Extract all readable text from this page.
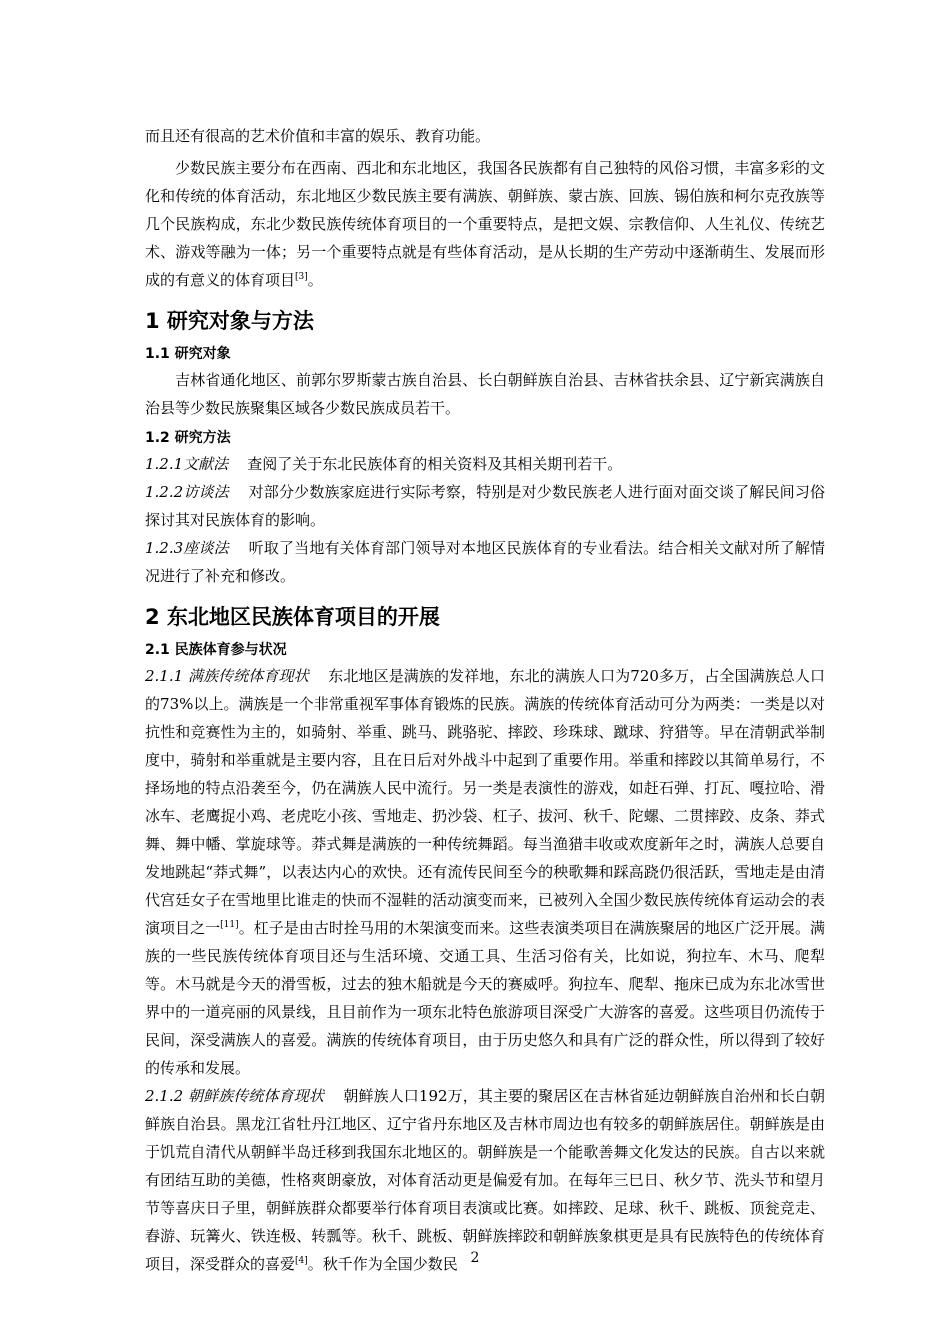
而且还有很高的艺术价值和丰富的娱乐、教育功能。

少数民族主要分布在西南、西北和东北地区，我国各民族都有自己独特的风俗习惯，丰富多彩的文化和传统的体育活动，东北地区少数民族主要有满族、朝鲜族、蒙古族、回族、锡伯族和柯尔克孜族等几个民族构成，东北少数民族传统体育项目的一个重要特点，是把文娱、宗教信仰、人生礼仪、传统艺术、游戏等融为一体；另一个重要特点就是有些体育活动，是从长期的生产劳动中逐渐萌生、发展而形成的有意义的体育项目[3]。

1 研究对象与方法
1.1 研究对象

吉林省通化地区、前郭尔罗斯蒙古族自治县、长白朝鲜族自治县、吉林省扶余县、辽宁新宾满族自治县等少数民族聚集区域各少数民族成员若干。

1.2 研究方法

1.2.1文献法 查阅了关于东北民族体育的相关资料及其相关期刊若干。

1.2.2访谈法 对部分少数族家庭进行实际考察，特别是对少数民族老人进行面对面交谈了解民间习俗探讨其对民族体育的影响。

1.2.3座谈法 听取了当地有关体育部门领导对本地区民族体育的专业看法。结合相关文献对所了解情况进行了补充和修改。

2 东北地区民族体育项目的开展
2.1 民族体育参与状况

2.1.1 满族传统体育现状 东北地区是满族的发祥地，东北的满族人口为720多万，占全国满族总人口的73%以上。满族是一个非常重视军事体育锻炼的民族。满族的传统体育活动可分为两类：一类是以对抗性和竞赛性为主的，如骑射、举重、跳马、跳骆驼、摔跤、珍珠球、蹴球、狩猎等。早在清朝武举制度中，骑射和举重就是主要内容，且在日后对外战斗中起到了重要作用。举重和摔跤以其简单易行，不择场地的特点沿袭至今，仍在满族人民中流行。另一类是表演性的游戏，如赶石弹、打瓦、嘎拉哈、滑冰车、老鹰捉小鸡、老虎吃小孩、雪地走、扔沙袋、杠子、拔河、秋千、陀螺、二贯摔跤、皮条、莽式舞、舞中幡、掌旋球等。莽式舞是满族的一种传统舞蹈。每当渔猎丰收或欢度新年之时，满族人总要自发地跳起“莽式舞”，以表达内心的欢快。还有流传民间至今的秧歌舞和踩高跷仍很活跃，雪地走是由清代宫廷女子在雪地里比谁走的快而不湿鞋的活动演变而来，已被列入全国少数民族传统体育运动会的表演项目之一[11]。杠子是由古时拴马用的木架演变而来。这些表演类项目在满族聚居的地区广泛开展。满族的一些民族传统体育项目还与生活环境、交通工具、生活习俗有关，比如说，狗拉车、木马、爬犁等。木马就是今天的滑雪板，过去的独木船就是今天的赛威呼。狗拉车、爬犁、拖床已成为东北冰雪世界中的一道亮丽的风景线，且目前作为一项东北特色旅游项目深受广大游客的喜爱。这些项目仍流传于民间，深受满族人的喜爱。满族的传统体育项目，由于历史悠久和具有广泛的群众性，所以得到了较好的传承和发展。

2.1.2 朝鲜族传统体育现状 朝鲜族人口192万，其主要的聚居区在吉林省延边朝鲜族自治州和长白朝鲜族自治县。黑龙江省牡丹江地区、辽宁省丹东地区及吉林市周边也有较多的朝鲜族居住。朝鲜族是由于饥荒自清代从朝鲜半岛迁移到我国东北地区的。朝鲜族是一个能歌善舞文化发达的民族。自古以来就有团结互助的美德，性格爽朗豪放，对体育活动更是偏爱有加。在每年三巳日、秋夕节、洗头节和望月节等喜庆日子里，朝鲜族群众都要举行体育项目表演或比赛。如摔跤、足球、秋千、跳板、顶瓮竞走、舂游、玩篝火、铁连极、转瓢等。秋千、跳板、朝鲜族摔跤和朝鲜族象棋更是具有民族特色的传统体育项目，深受群众的喜爱[4]。秋千作为全国少数民 2
